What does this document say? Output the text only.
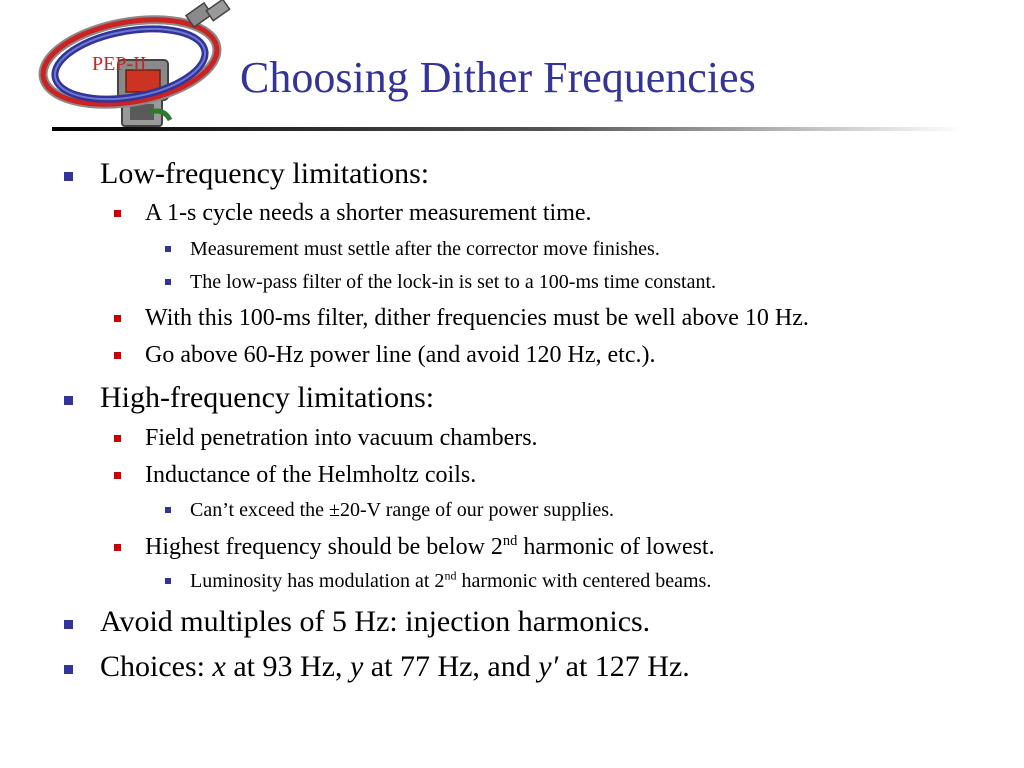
PEP-II Choosing Dither Frequencies
Low-frequency limitations:
A 1-s cycle needs a shorter measurement time.
Measurement must settle after the corrector move finishes.
The low-pass filter of the lock-in is set to a 100-ms time constant.
With this 100-ms filter, dither frequencies must be well above 10 Hz.
Go above 60-Hz power line (and avoid 120 Hz, etc.).
High-frequency limitations:
Field penetration into vacuum chambers.
Inductance of the Helmholtz coils.
Can’t exceed the ±20-V range of our power supplies.
Highest frequency should be below 2nd harmonic of lowest.
Luminosity has modulation at 2nd harmonic with centered beams.
Avoid multiples of 5 Hz: injection harmonics.
Choices: x at 93 Hz, y at 77 Hz, and y′ at 127 Hz.
